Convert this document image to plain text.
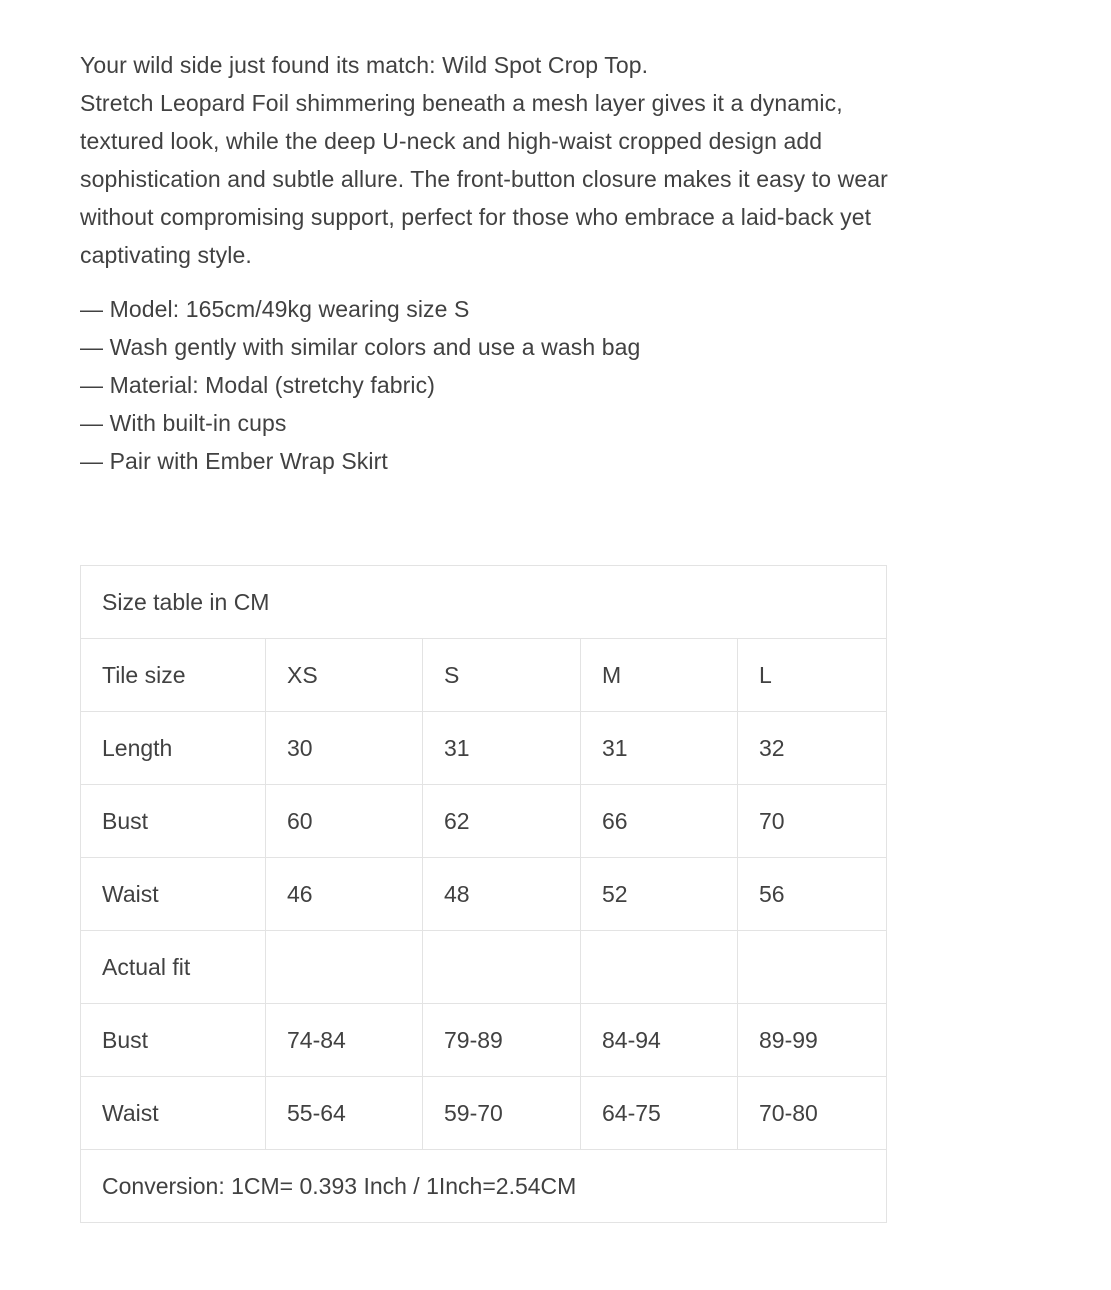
Your wild side just found its match: Wild Spot Crop Top.
Stretch Leopard Foil shimmering beneath a mesh layer gives it a dynamic,
textured look, while the deep U-neck and high-waist cropped design add
sophistication and subtle allure. The front-button closure makes it easy to wear
without compromising support, perfect for those who embrace a laid-back yet
captivating style.
— Model: 165cm/49kg wearing size S
— Wash gently with similar colors and use a wash bag
— Material: Modal (stretchy fabric)
— With built-in cups
— Pair with Ember Wrap Skirt
Size table in CM				
Tile size	XS	S	M	L
Length	30	31	31	32
Bust	60	62	66	70
Waist	46	48	52	56
Actual fit				
Bust	74-84	79-89	84-94	89-99
Waist	55-64	59-70	64-75	70-80
Conversion: 1CM= 0.393 Inch / 1Inch=2.54CM				
